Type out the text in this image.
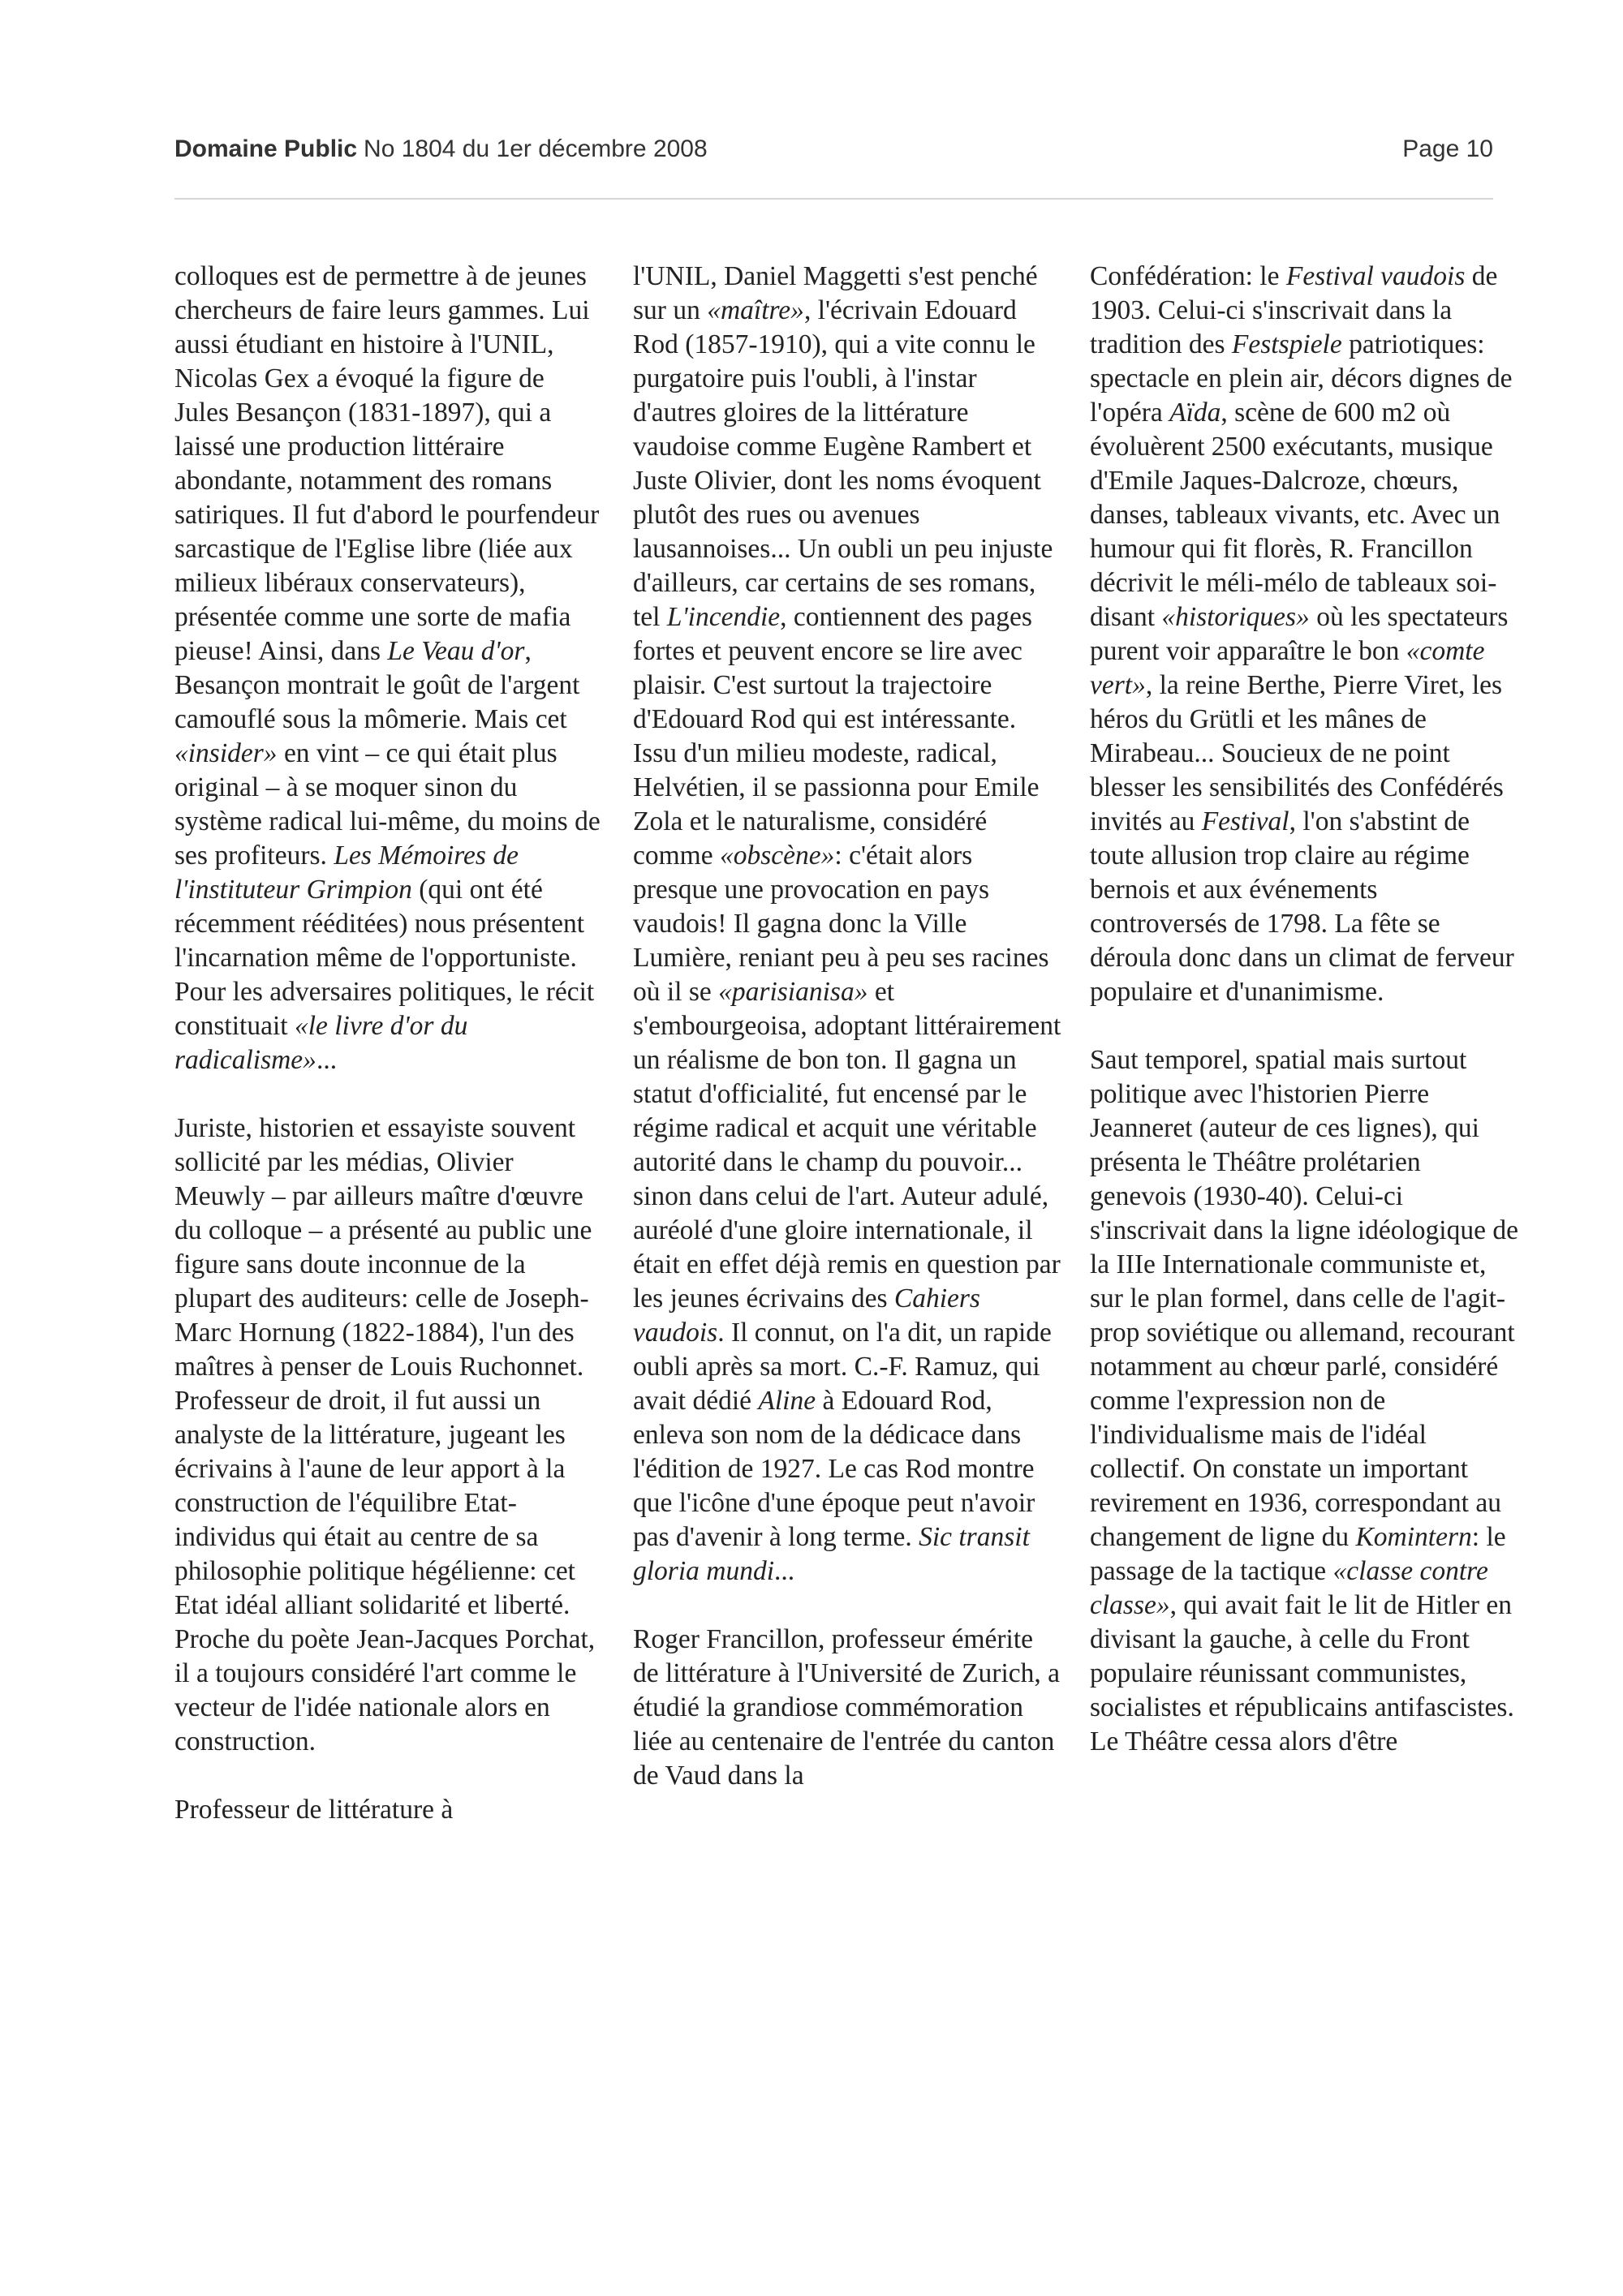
Domaine Public No 1804 du 1er décembre 2008	Page 10

colloques est de permettre à de jeunes chercheurs de faire leurs gammes. Lui aussi étudiant en histoire à l'UNIL, Nicolas Gex a évoqué la figure de Jules Besançon (1831-1897), qui a laissé une production littéraire abondante, notamment des romans satiriques. Il fut d'abord le pourfendeur sarcastique de l'Eglise libre (liée aux milieux libéraux conservateurs), présentée comme une sorte de mafia pieuse! Ainsi, dans Le Veau d'or, Besançon montrait le goût de l'argent camouflé sous la mômerie. Mais cet «insider» en vint – ce qui était plus original – à se moquer sinon du système radical lui-même, du moins de ses profiteurs. Les Mémoires de l'instituteur Grimpion (qui ont été récemment rééditées) nous présentent l'incarnation même de l'opportuniste. Pour les adversaires politiques, le récit constituait «le livre d'or du radicalisme»...

Juriste, historien et essayiste souvent sollicité par les médias, Olivier Meuwly – par ailleurs maître d'œuvre du colloque – a présenté au public une figure sans doute inconnue de la plupart des auditeurs: celle de Joseph-Marc Hornung (1822-1884), l'un des maîtres à penser de Louis Ruchonnet. Professeur de droit, il fut aussi un analyste de la littérature, jugeant les écrivains à l'aune de leur apport à la construction de l'équilibre Etat-individus qui était au centre de sa philosophie politique hégélienne: cet Etat idéal alliant solidarité et liberté. Proche du poète Jean-Jacques Porchat, il a toujours considéré l'art comme le vecteur de l'idée nationale alors en construction.

Professeur de littérature à

l'UNIL, Daniel Maggetti s'est penché sur un «maître», l'écrivain Edouard Rod (1857-1910), qui a vite connu le purgatoire puis l'oubli, à l'instar d'autres gloires de la littérature vaudoise comme Eugène Rambert et Juste Olivier, dont les noms évoquent plutôt des rues ou avenues lausannoises... Un oubli un peu injuste d'ailleurs, car certains de ses romans, tel L'incendie, contiennent des pages fortes et peuvent encore se lire avec plaisir. C'est surtout la trajectoire d'Edouard Rod qui est intéressante. Issu d'un milieu modeste, radical, Helvétien, il se passionna pour Emile Zola et le naturalisme, considéré comme «obscène»: c'était alors presque une provocation en pays vaudois! Il gagna donc la Ville Lumière, reniant peu à peu ses racines où il se «parisianisa» et s'embourgeoisa, adoptant littérairement un réalisme de bon ton. Il gagna un statut d'officialité, fut encensé par le régime radical et acquit une véritable autorité dans le champ du pouvoir... sinon dans celui de l'art. Auteur adulé, auréolé d'une gloire internationale, il était en effet déjà remis en question par les jeunes écrivains des Cahiers vaudois. Il connut, on l'a dit, un rapide oubli après sa mort. C.-F. Ramuz, qui avait dédié Aline à Edouard Rod, enleva son nom de la dédicace dans l'édition de 1927. Le cas Rod montre que l'icône d'une époque peut n'avoir pas d'avenir à long terme. Sic transit gloria mundi...

Roger Francillon, professeur émérite de littérature à l'Université de Zurich, a étudié la grandiose commémoration liée au centenaire de l'entrée du canton de Vaud dans la

Confédération: le Festival vaudois de 1903. Celui-ci s'inscrivait dans la tradition des Festspiele patriotiques: spectacle en plein air, décors dignes de l'opéra Aïda, scène de 600 m2 où évoluèrent 2500 exécutants, musique d'Emile Jaques-Dalcroze, chœurs, danses, tableaux vivants, etc. Avec un humour qui fit florès, R. Francillon décrivit le méli-mélo de tableaux soi-disant «historiques» où les spectateurs purent voir apparaître le bon «comte vert», la reine Berthe, Pierre Viret, les héros du Grütli et les mânes de Mirabeau... Soucieux de ne point blesser les sensibilités des Confédérés invités au Festival, l'on s'abstint de toute allusion trop claire au régime bernois et aux événements controversés de 1798. La fête se déroula donc dans un climat de ferveur populaire et d'unanimisme.

Saut temporel, spatial mais surtout politique avec l'historien Pierre Jeanneret (auteur de ces lignes), qui présenta le Théâtre prolétarien genevois (1930-40). Celui-ci s'inscrivait dans la ligne idéologique de la IIIe Internationale communiste et, sur le plan formel, dans celle de l'agit-prop soviétique ou allemand, recourant notamment au chœur parlé, considéré comme l'expression non de l'individualisme mais de l'idéal collectif. On constate un important revirement en 1936, correspondant au changement de ligne du Komintern: le passage de la tactique «classe contre classe», qui avait fait le lit de Hitler en divisant la gauche, à celle du Front populaire réunissant communistes, socialistes et républicains antifascistes. Le Théâtre cessa alors d'être
